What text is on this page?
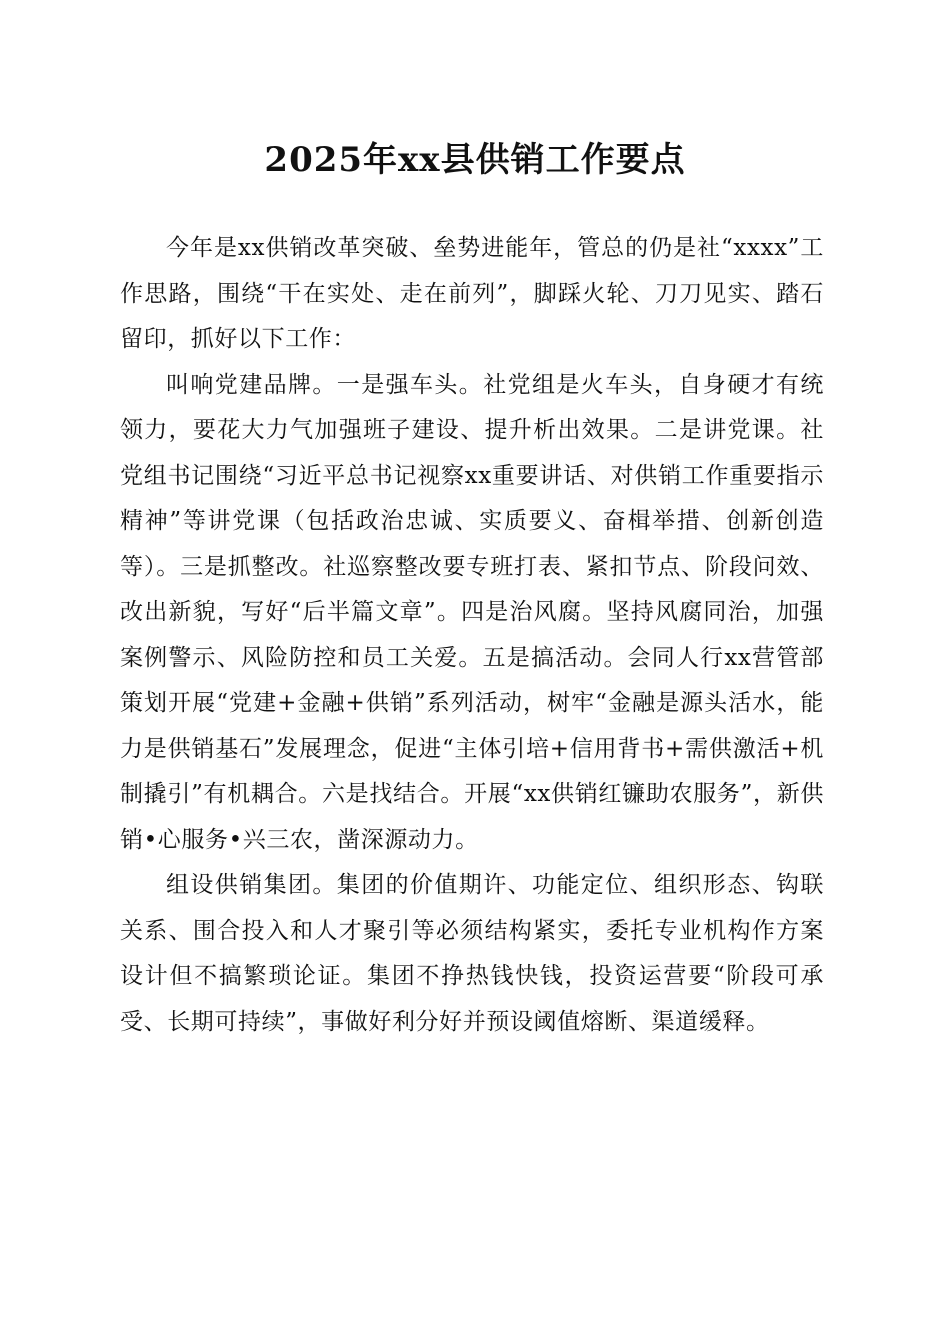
2025年xx县供销工作要点

今年是xx供销改革突破、垒势进能年，管总的仍是社“xxxx”工作思路，围绕“干在实处、走在前列”，脚踩火轮、刀刀见实、踏石留印，抓好以下工作：

叫响党建品牌。一是强车头。社党组是火车头，自身硬才有统领力，要花大力气加强班子建设、提升析出效果。二是讲党课。社党组书记围绕“习近平总书记视察xx重要讲话、对供销工作重要指示精神”等讲党课（包括政治忠诚、实质要义、奋楫举措、创新创造等）。三是抓整改。社巡察整改要专班打表、紧扣节点、阶段问效、改出新貌，写好“后半篇文章”。四是治风腐。坚持风腐同治，加强案例警示、风险防控和员工关爱。五是搞活动。会同人行xx营管部策划开展“党建+金融+供销”系列活动，树牢“金融是源头活水，能力是供销基石”发展理念，促进“主体引培+信用背书+需供激活+机制撬引”有机耦合。六是找结合。开展“xx供销红镰助农服务”，新供销•心服务•兴三农，凿深源动力。

组设供销集团。集团的价值期许、功能定位、组织形态、钩联关系、围合投入和人才聚引等必须结构紧实，委托专业机构作方案设计但不搞繁琐论证。集团不挣热钱快钱，投资运营要“阶段可承受、长期可持续”，事做好利分好并预设阈值熔断、渠道缓释。
